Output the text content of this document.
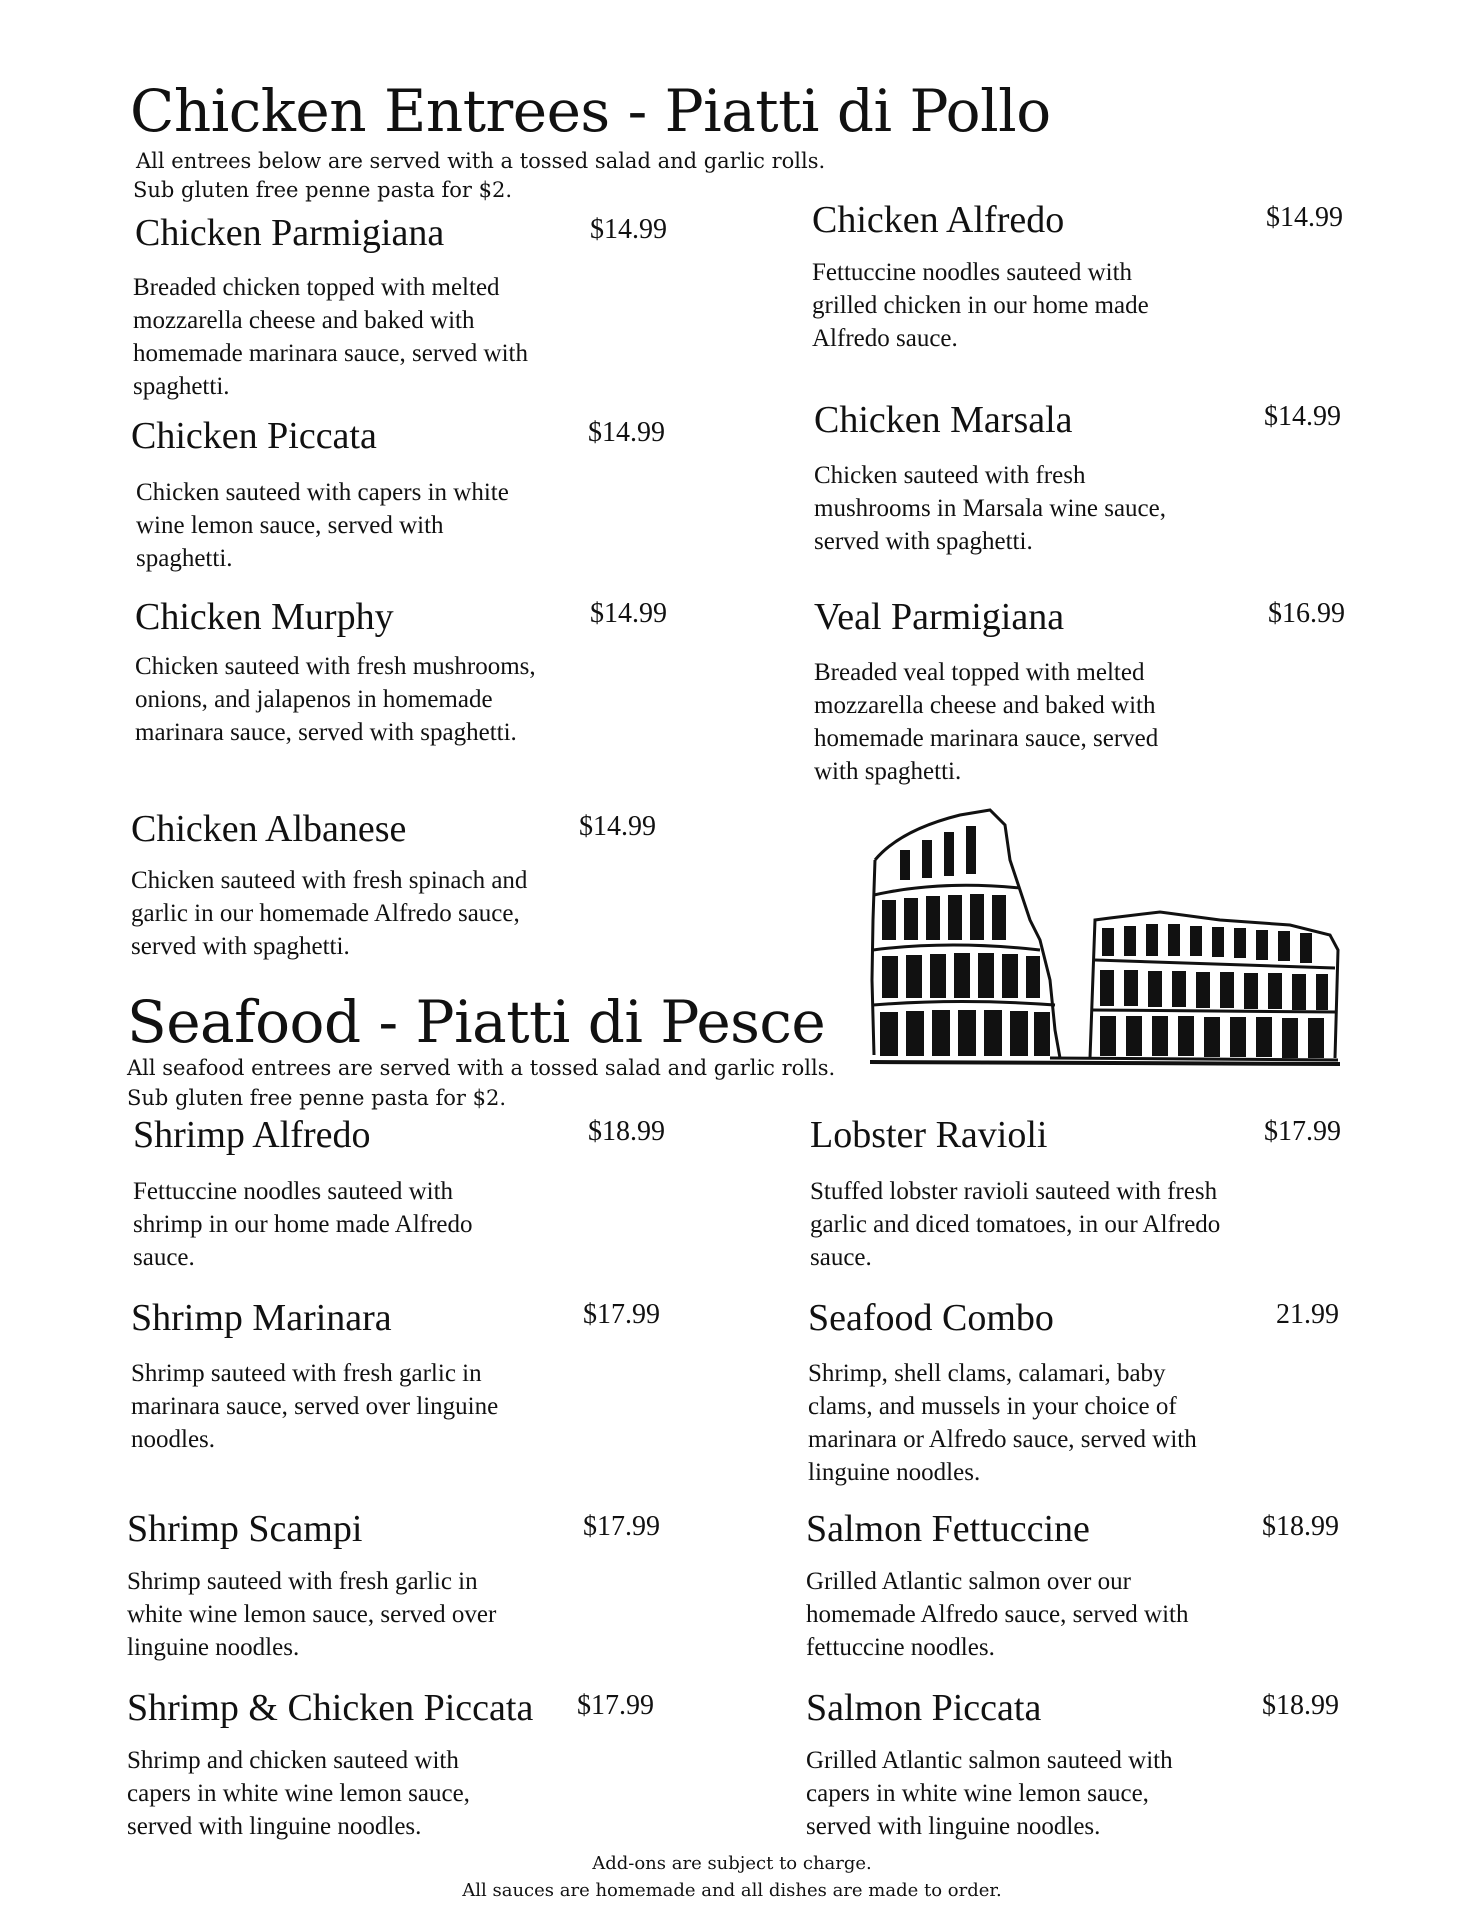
Chicken Entrees - Piatti di Pollo
All entrees below are served with a tossed salad and garlic rolls.
Sub gluten free penne pasta for $2.
Chicken Parmigiana	$14.99
Breaded chicken topped with melted mozzarella cheese and baked with homemade marinara sauce, served with spaghetti.
Chicken Alfredo	$14.99
Fettuccine noodles sauteed with grilled chicken in our home made Alfredo sauce.
Chicken Piccata	$14.99
Chicken sauteed with capers in white wine lemon sauce, served with spaghetti.
Chicken Marsala	$14.99
Chicken sauteed with fresh mushrooms in Marsala wine sauce, served with spaghetti.
Chicken Murphy	$14.99
Chicken sauteed with fresh mushrooms, onions, and jalapenos in homemade marinara sauce, served with spaghetti.
Veal Parmigiana	$16.99
Breaded veal topped with melted mozzarella cheese and baked with homemade marinara sauce, served with spaghetti.
Chicken Albanese	$14.99
Chicken sauteed with fresh spinach and garlic in our homemade Alfredo sauce, served with spaghetti.
Seafood - Piatti di Pesce
All seafood entrees are served with a tossed salad and garlic rolls.
Sub gluten free penne pasta for $2.
Shrimp Alfredo	$18.99
Fettuccine noodles sauteed with shrimp in our home made Alfredo sauce.
Lobster Ravioli	$17.99
Stuffed lobster ravioli sauteed with fresh garlic and diced tomatoes, in our Alfredo sauce.
Shrimp Marinara	$17.99
Shrimp sauteed with fresh garlic in marinara sauce, served over linguine noodles.
Seafood Combo	21.99
Shrimp, shell clams, calamari, baby clams, and mussels in your choice of marinara or Alfredo sauce, served with linguine noodles.
Shrimp Scampi	$17.99
Shrimp sauteed with fresh garlic in white wine lemon sauce, served over linguine noodles.
Salmon Fettuccine	$18.99
Grilled Atlantic salmon over our homemade Alfredo sauce, served with fettuccine noodles.
Shrimp & Chicken Piccata $17.99
Shrimp and chicken sauteed with capers in white wine lemon sauce, served with linguine noodles.
Salmon Piccata	$18.99
Grilled Atlantic salmon sauteed with capers in white wine lemon sauce, served with linguine noodles.
Add-ons are subject to charge.
All sauces are homemade and all dishes are made to order.
